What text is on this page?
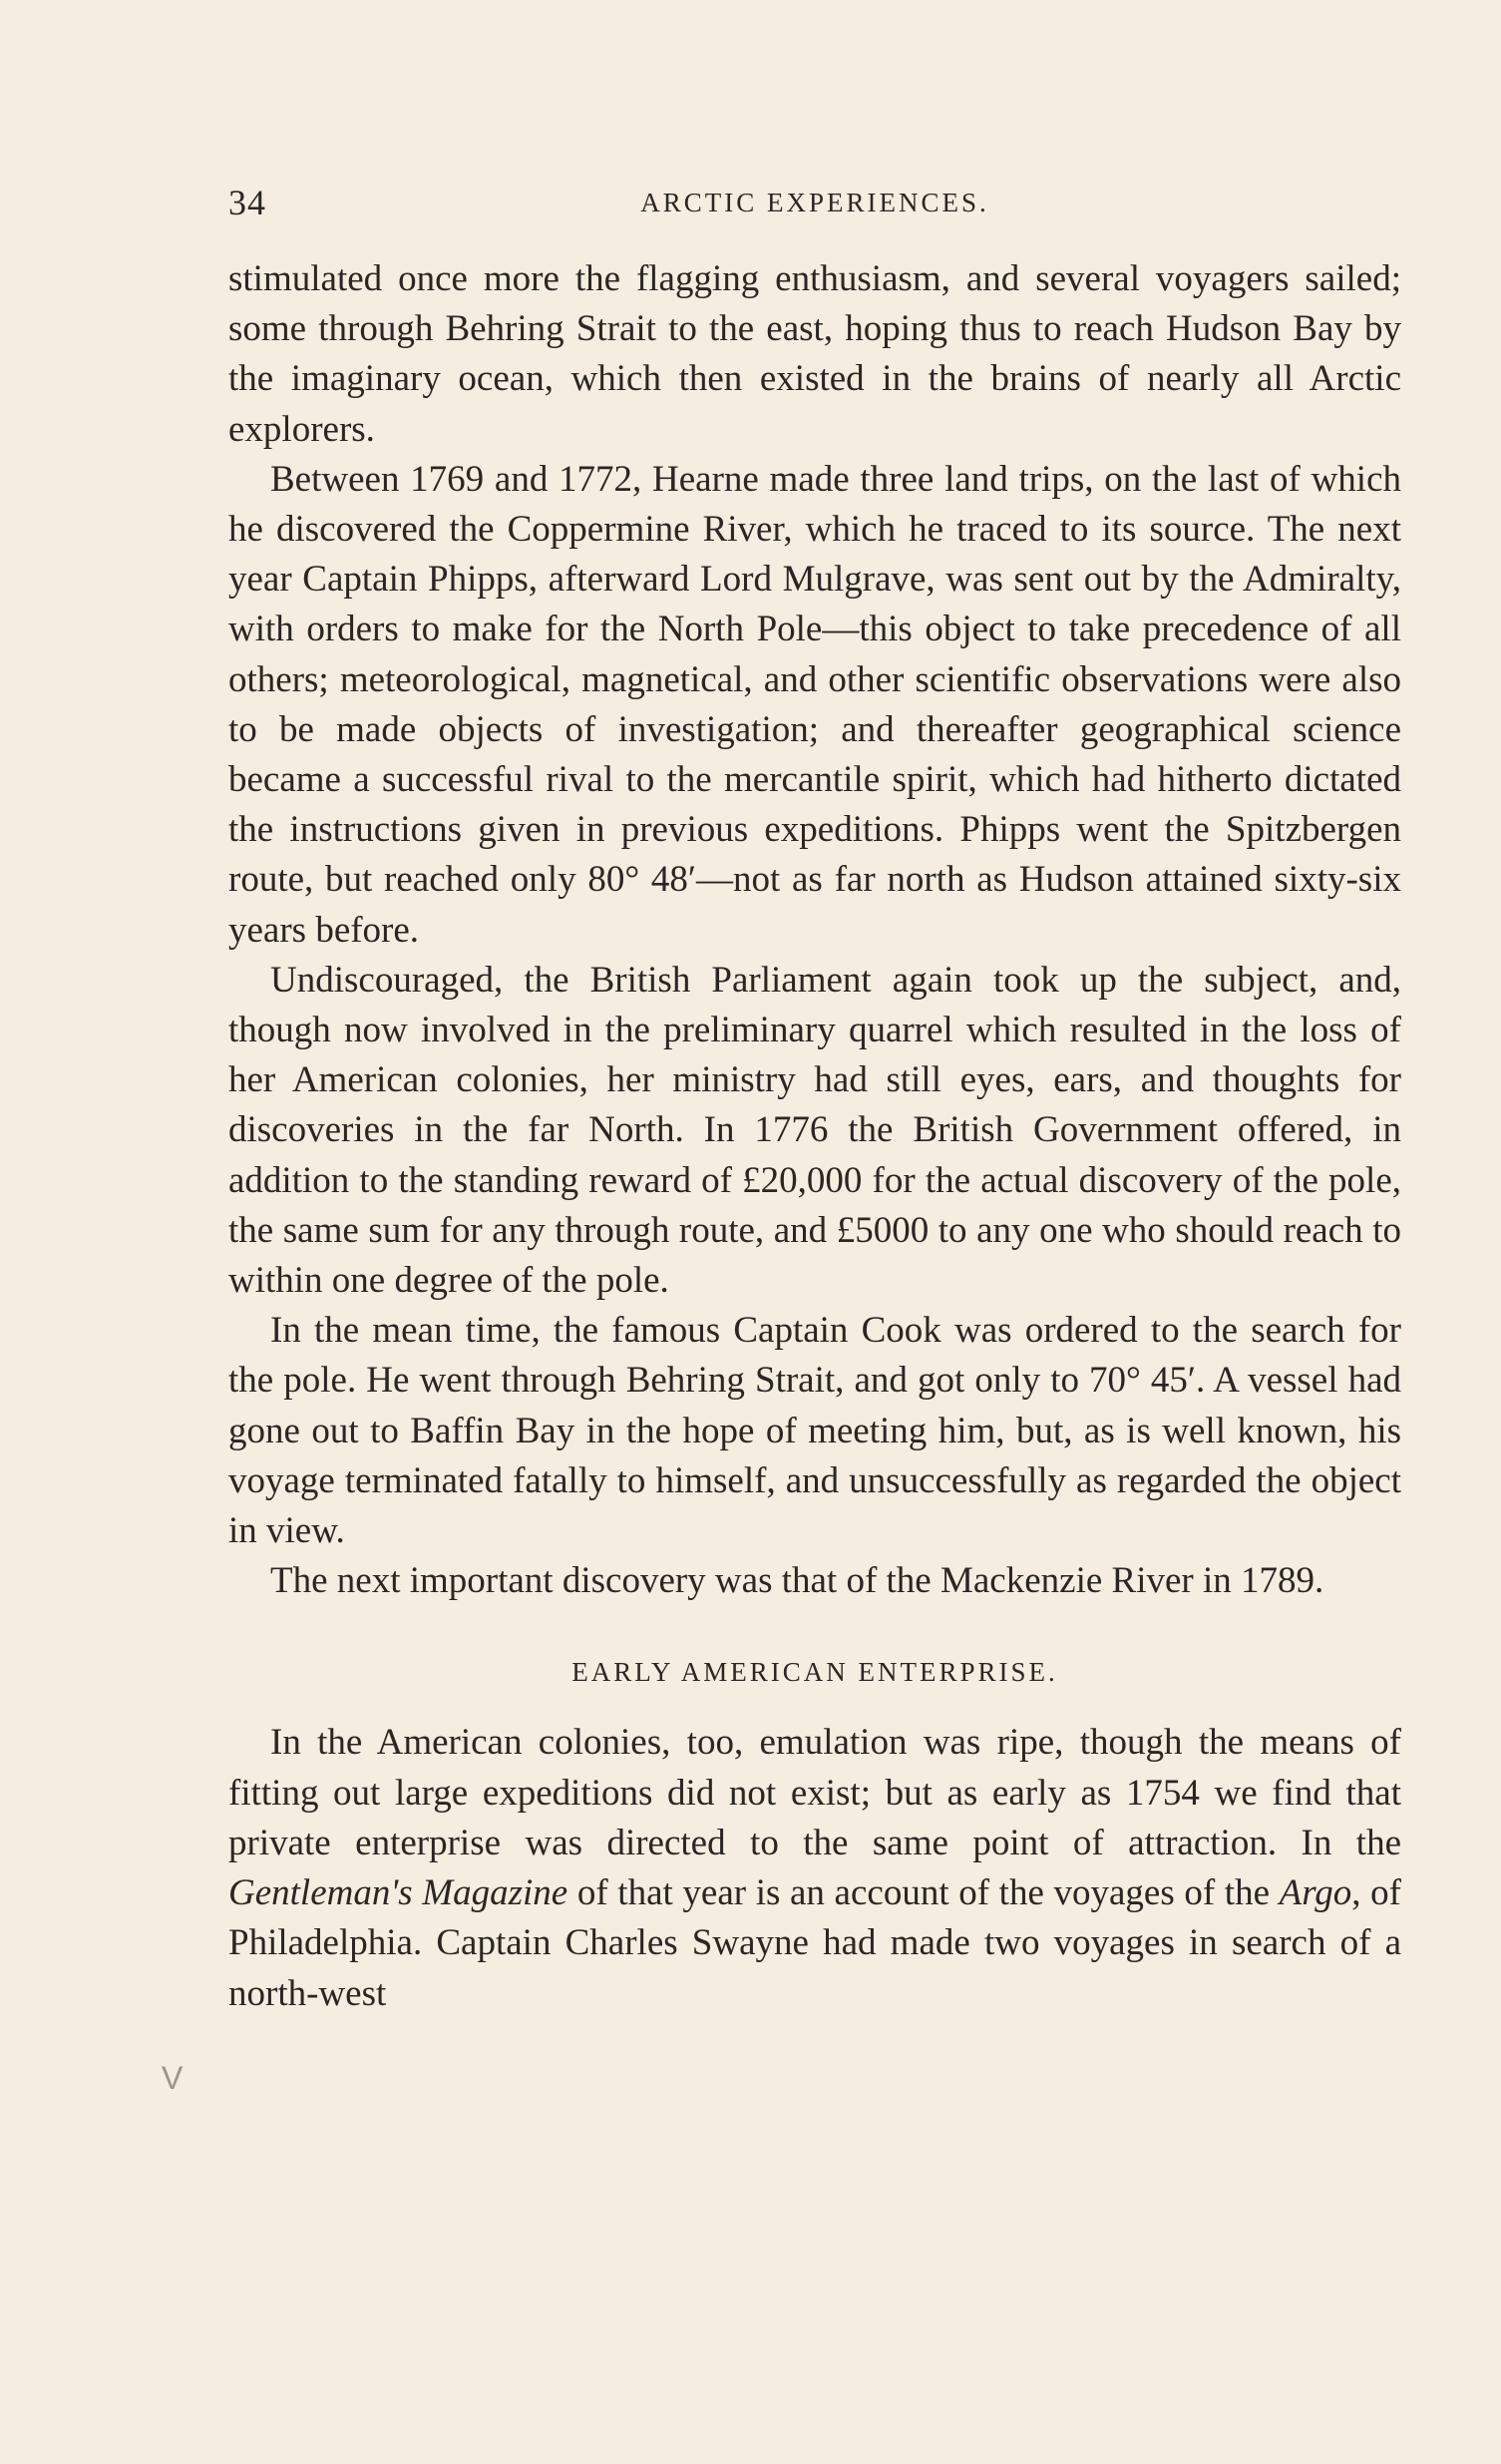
34	ARCTIC EXPERIENCES.

stimulated once more the flagging enthusiasm, and several voyagers sailed; some through Behring Strait to the east, hoping thus to reach Hudson Bay by the imaginary ocean, which then existed in the brains of nearly all Arctic explorers.

Between 1769 and 1772, Hearne made three land trips, on the last of which he discovered the Coppermine River, which he traced to its source. The next year Captain Phipps, afterward Lord Mulgrave, was sent out by the Admiralty, with orders to make for the North Pole—this object to take precedence of all others; meteorological, magnetical, and other scientific observations were also to be made objects of investigation; and thereafter geographical science became a successful rival to the mercantile spirit, which had hitherto dictated the instructions given in previous expeditions. Phipps went the Spitzbergen route, but reached only 80° 48′—not as far north as Hudson attained sixty-six years before.

Undiscouraged, the British Parliament again took up the subject, and, though now involved in the preliminary quarrel which resulted in the loss of her American colonies, her ministry had still eyes, ears, and thoughts for discoveries in the far North. In 1776 the British Government offered, in addition to the standing reward of £20,000 for the actual discovery of the pole, the same sum for any through route, and £5000 to any one who should reach to within one degree of the pole.

In the mean time, the famous Captain Cook was ordered to the search for the pole. He went through Behring Strait, and got only to 70° 45′. A vessel had gone out to Baffin Bay in the hope of meeting him, but, as is well known, his voyage terminated fatally to himself, and unsuccessfully as regarded the object in view.

The next important discovery was that of the Mackenzie River in 1789.

EARLY AMERICAN ENTERPRISE.

In the American colonies, too, emulation was ripe, though the means of fitting out large expeditions did not exist; but as early as 1754 we find that private enterprise was directed to the same point of attraction. In the Gentleman's Magazine of that year is an account of the voyages of the Argo, of Philadelphia. Captain Charles Swayne had made two voyages in search of a north-west

V
